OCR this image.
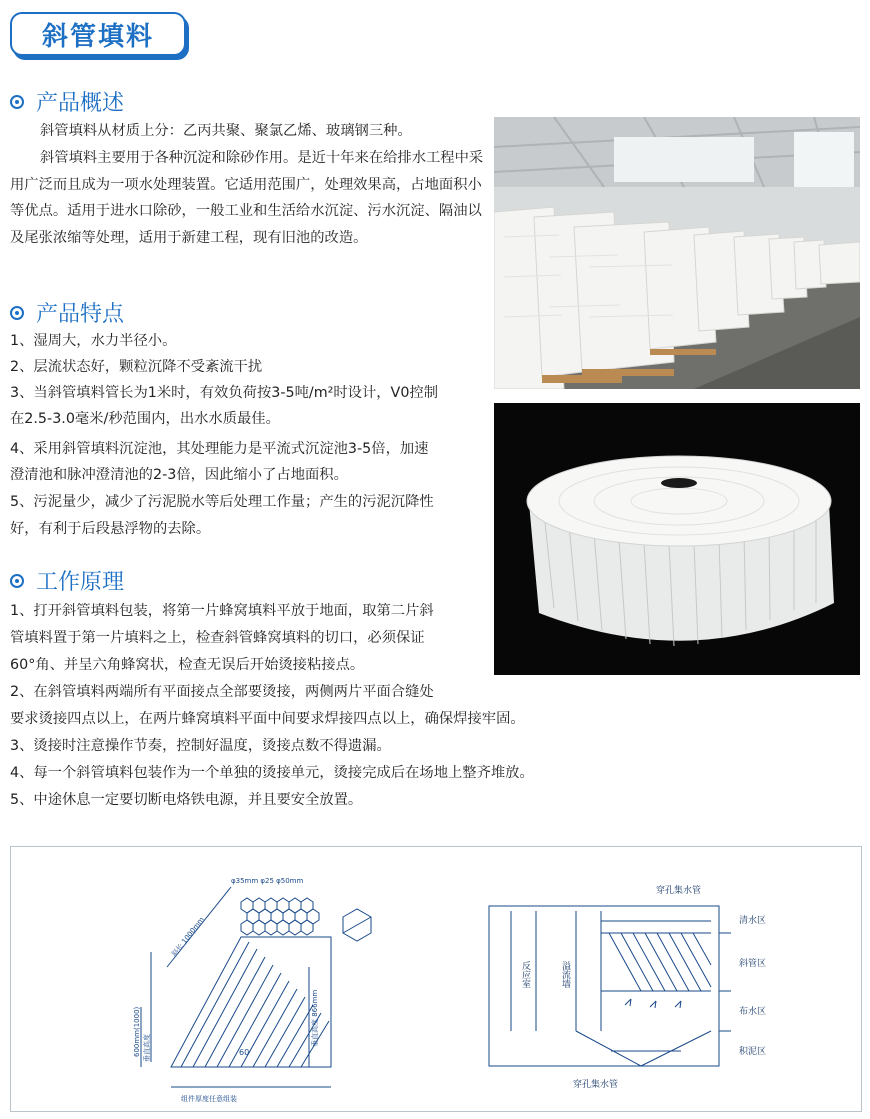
斜管填料
产品概述
斜管填料从材质上分：乙丙共聚、聚氯乙烯、玻璃钢三种。
斜管填料主要用于各种沉淀和除砂作用。是近十年来在给排水工程中采用广泛而且成为一项水处理装置。它适用范围广，处理效果高，占地面积小等优点。适用于进水口除砂，一般工业和生活给水沉淀、污水沉淀、隔油以及尾张浓缩等处理，适用于新建工程，现有旧池的改造。
产品特点
1、湿周大，水力半径小。
2、层流状态好，颗粒沉降不受紊流干扰
3、当斜管填料管长为1米时，有效负荷按3-5吨/m²时设计，V0控制
在2.5-3.0毫米/秒范围内，出水水质最佳。
4、采用斜管填料沉淀池，其处理能力是平流式沉淀池3-5倍，加速
澄清池和脉冲澄清池的2-3倍，因此缩小了占地面积。
5、污泥量少，减少了污泥脱水等后处理工作量；产生的污泥沉降性
好，有利于后段悬浮物的去除。
工作原理
1、打开斜管填料包装，将第一片蜂窝填料平放于地面，取第二片斜
管填料置于第一片填料之上，检查斜管蜂窝填料的切口，必须保证
60°角、并呈六角蜂窝状，检查无误后开始烫接粘接点。
2、在斜管填料两端所有平面接点全部要烫接，两侧两片平面合缝处
要求烫接四点以上，在两片蜂窝填料平面中间要求焊接四点以上，确保焊接牢固。
3、烫接时注意操作节奏，控制好温度，烫接点数不得遗漏。
4、每一个斜管填料包装作为一个单独的烫接单元，烫接完成后在场地上整齐堆放。
5、中途休息一定要切断电烙铁电源，并且要安全放置。
φ35mm φ25 φ50mm
斜长 1000mm
600mm(1000) 垂直高度
垂直高度 866mm
60
组件厚度任意组装
穿孔集水管
穿孔集水管
反应室	溢流墙
清水区
斜管区
布水区
积泥区
